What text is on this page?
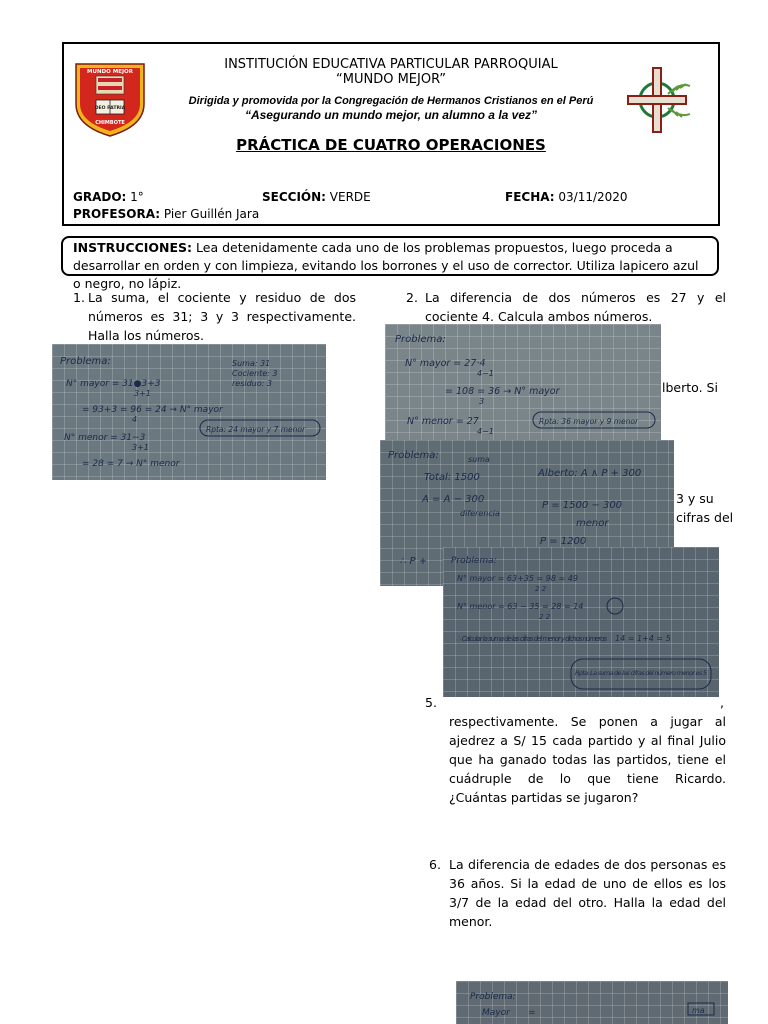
MUNDO MEJOR
DEO PATRIA
CHIMBOTE
INSTITUCIÓN EDUCATIVA PARTICULAR PARROQUIAL
“MUNDO MEJOR”
Dirigida y promovida por la Congregación de Hermanos Cristianos en el Perú
“Asegurando un mundo mejor, un alumno a la vez”
PRÁCTICA DE CUATRO OPERACIONES
GRADO: 1°	SECCIÓN: VERDE	FECHA: 03/11/2020
PROFESORA: Pier Guillén Jara
INSTRUCCIONES: Lea detenidamente cada uno de los problemas propuestos, luego proceda a desarrollar en orden y con limpieza, evitando los borrones y el uso de corrector. Utiliza lapicero azul o negro, no lápiz.
1. La suma, el cociente y residuo de dos números es 31; 3 y 3 respectivamente. Halla los números.
2. La diferencia de dos números es 27 y el cociente 4. Calcula ambos números.
lberto. Si
3 y su
cifras del
,
5.
respectivamente. Se ponen a jugar al ajedrez a S/ 15 cada partido y al final Julio que ha ganado todas las partidos, tiene el cuádruple de lo que tiene Ricardo. ¿Cuántas partidas se jugaron?
6. La diferencia de edades de dos personas es 36 años. Si la edad de uno de ellos es los 3/7 de la edad del otro. Halla la edad del menor.
Problema:
N° mayor = 31●3+3
3+1
= 93+3 = 96 = 24 → N° mayor
4
N° menor = 31−3
3+1
= 28 = 7 → N° menor
Suma: 31
Cociente: 3
residuo: 3
Rpta: 24 mayor y 7 menor
Problema:
N° mayor = 27·4
4−1
= 108 = 36 → N° mayor
3
N° menor = 27
4−1
Rpta: 36 mayor y 9 menor
Problema:	suma
Total: 1500	Alberto: A ∧ P + 300
A = A − 300
diferencia
P = 1500 − 300
menor
P = 1200
∴ P +	Problema:
N° mayor = 63+35 = 98 = 49
2 2
N° menor = 63 − 35 = 28 = 14
2 2
∴ Calcular la suma de las cifras del menor y dichos números 14 = 1+4 = 5
Rpta: La suma de las cifras del número menor es 5
Problema:
Mayor =	ma
